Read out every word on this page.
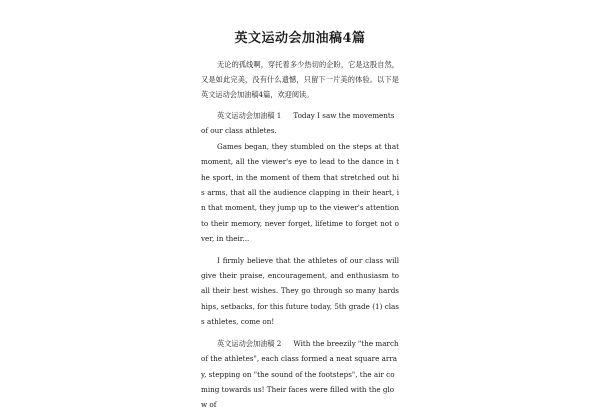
英文运动会加油稿4篇

无论的孤线啊，穿托着多少热切的企盼，它是这股自然，又是如此完美，没有什么遗憾，只留下一片美的体验。以下是英文运动会加油稿4篇，欢迎阅读。

英文运动会加油稿 1 Today I saw the movements of our class athletes.

Games began, they stumbled on the steps at that moment, all the viewer's eye to lead to the dance in the sport, in the moment of them that stretched out his arms, that all the audience clapping in their heart, in that moment, they jump up to the viewer's attention to their memory, never forget, lifetime to forget not over, in their...

I firmly believe that the athletes of our class will give their praise, encouragement, and enthusiasm to all their best wishes. They go through so many hardships, setbacks, for this future today, 5th grade (1) class athletes, come on!

英文运动会加油稿 2 With the breezily "the march of the athletes", each class formed a neat square array, stepping on "the sound of the footsteps", the air coming towards us! Their faces were filled with the glow of
